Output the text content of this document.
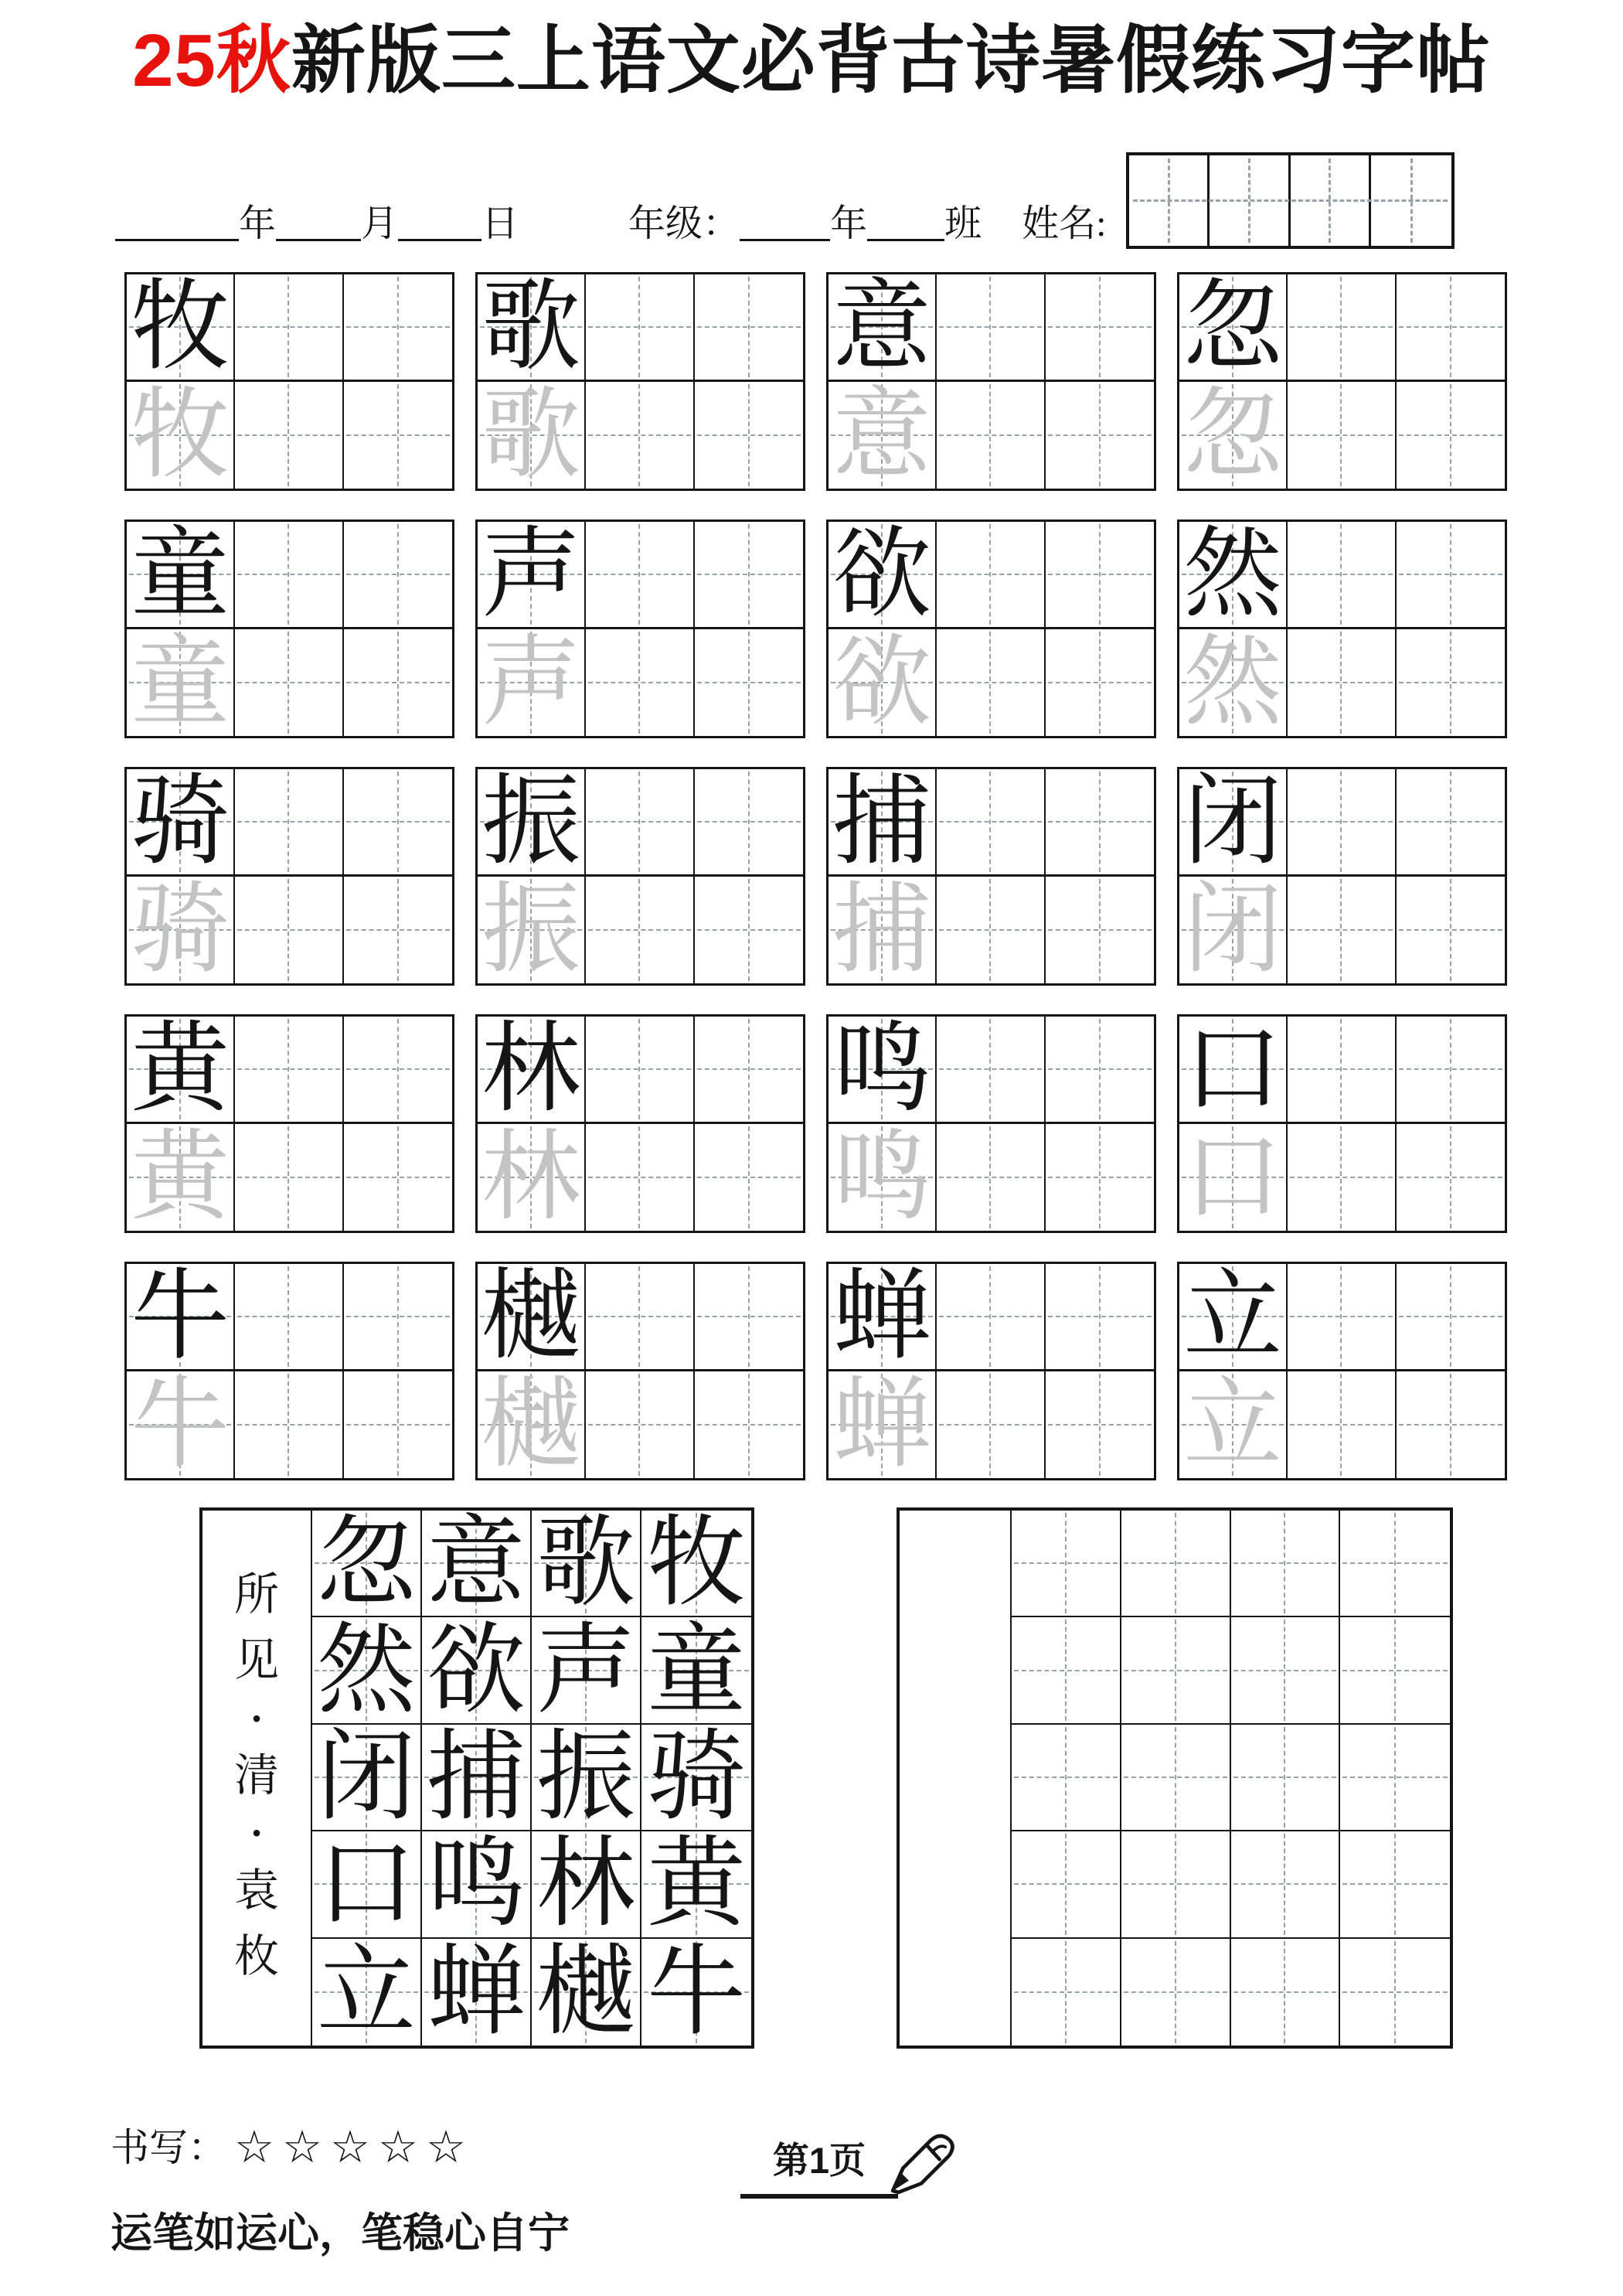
25秋新版三上语文必背古诗暑假练习字帖
年 月 日	年级： 年 班 姓名:
牧
牧
歌
歌
意
意
忽
忽
童
童
声
声
欲
欲
然
然
骑
骑
振
振
捕
捕
闭
闭
黄
黄
林
林
鸣
鸣
口
口
牛
牛
樾
樾
蝉
蝉
立
立
所
见
•
清
•
袁
枚
忽 意 歌 牧
然 欲 声 童
闭 捕 振 骑
口 鸣 林 黄
立 蝉 樾 牛
书写： ☆☆☆☆☆	第1页
运笔如运心，笔稳心自宁
